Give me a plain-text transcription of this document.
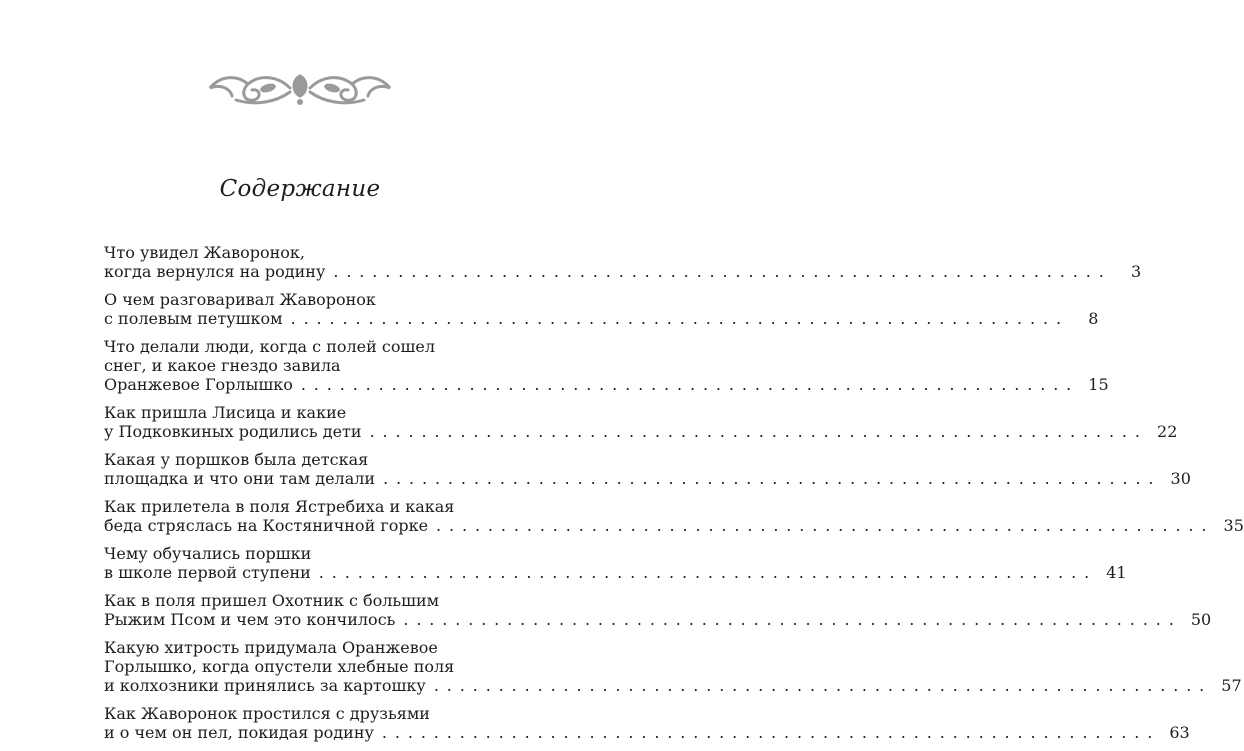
Содержание
Что увидел Жаворонок,
когда вернулся на родину . . . . . . . . . . . . . . . . . . . . . . . . . . . . . . . . . . . . . . . . . . . . . . . . . . . . . . . . . . . .	3
О чем разговаривал Жаворонок
с полевым петушком . . . . . . . . . . . . . . . . . . . . . . . . . . . . . . . . . . . . . . . . . . . . . . . . . . . . . . . . . . . .	8
Что делали люди, когда с полей сошел
снег, и какое гнездо завила
Оранжевое Горлышко . . . . . . . . . . . . . . . . . . . . . . . . . . . . . . . . . . . . . . . . . . . . . . . . . . . . . . . . . . . . 15
Как пришла Лисица и какие
у Подковкиных родились дети . . . . . . . . . . . . . . . . . . . . . . . . . . . . . . . . . . . . . . . . . . . . . . . . . . . . . . . . . . . . 22
Какая у поршков была детская
площадка и что они там делали . . . . . . . . . . . . . . . . . . . . . . . . . . . . . . . . . . . . . . . . . . . . . . . . . . . . . . . . . . . . 30
Как прилетела в поля Ястребиха и какая
беда стряслась на Костяничной горке . . . . . . . . . . . . . . . . . . . . . . . . . . . . . . . . . . . . . . . . . . . . . . . . . . . . . . . . . . . . 35
Чему обучались поршки
в школе первой ступени . . . . . . . . . . . . . . . . . . . . . . . . . . . . . . . . . . . . . . . . . . . . . . . . . . . . . . . . . . . . 41
Как в поля пришел Охотник с большим
Рыжим Псом и чем это кончилось . . . . . . . . . . . . . . . . . . . . . . . . . . . . . . . . . . . . . . . . . . . . . . . . . . . . . . . . . . . . 50
Какую хитрость придумала Оранжевое
Горлышко, когда опустели хлебные поля
и колхозники принялись за картошку . . . . . . . . . . . . . . . . . . . . . . . . . . . . . . . . . . . . . . . . . . . . . . . . . . . . . . . . . . . . 57
Как Жаворонок простился с друзьями
и о чем он пел, покидая родину . . . . . . . . . . . . . . . . . . . . . . . . . . . . . . . . . . . . . . . . . . . . . . . . . . . . . . . . . . . . 63
